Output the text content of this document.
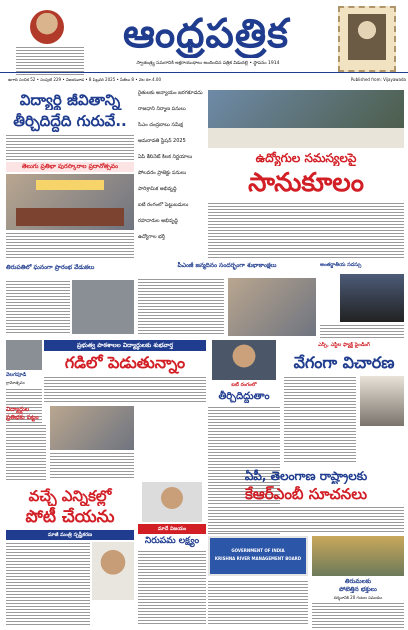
ఆంధ్రపత్రిక
స్వాతంత్ర్య సమరానికి అక్షరాయుధాలు అందించిన పత్రిక విడుదల్లి • స్థాపనం 1914
ఉగాది సంచిక 52 • సంపుటి 229 • విజయవాడ • 8 ఫిబ్రవరి 2025 • పేజీలు 8 • వెల రూ.4.00	Published from: Vijayawada
విద్యార్థి జీవితాన్ని
తీర్చిదిద్దేది గురువే..
తెలుగు ప్రతిభా పురస్కారాల ప్రదానోత్సవం
రైతులకు అన్యాయం జరగకూడదు
రాజధాని నిర్మాణ పనులు
సీఎం చంద్రబాబు సమీక్ష
అమరావతి స్టేషన్ 2025
ఏపీ కేబినెట్ కీలక నిర్ణయాలు
పోలవరం ప్రాజెక్టు పనులు
పారిశ్రామిక అభివృద్ధి
ఐటీ రంగంలో పెట్టుబడులు
రహదారుల అభివృద్ధి
ఉద్యోగాల భర్తీ
ఉద్యోగుల సమస్యలపై
సానుకూలం
తిరుపతిలో ఘనంగా ప్రారంభ వేడుకలు	పీఎంజీ జన్మదినం సందర్భంగా శుభాకాంక్షలు	అంతర్జాతీయ సదస్సు
ప్రభుత్వ పాఠశాలల విద్యార్థులకు శుభవార్త
గడిలో పెడుతున్నాం
వెలగపూడి
గ్రామోత్సవం
విద్యార్థుల
ప్రతిభకు పట్టం
ఐటీ రంగంలో
తీర్చిదిద్దుతాం
ఎస్సీ, ఎస్టీల ఫ్యాక్ట్ ఫైండింగ్
వేగంగా విచారణ
వచ్చే ఎన్నికల్లో
పోటీ చేయను
మాజీ మంత్రి స్పష్టీకరణ
మాదే విజయం
నిరుపమ లక్ష్యం
ఏపీ, తెలంగాణ రాష్ట్రాలకు
కేఆర్ఎంబీ సూచనలు
GOVERNMENT OF INDIA
KRISHNA RIVER MANAGEMENT BOARD
తిరుమలకు
పోటెత్తిన భక్తులు
దర్శనానికి 20 గంటల సమయం
